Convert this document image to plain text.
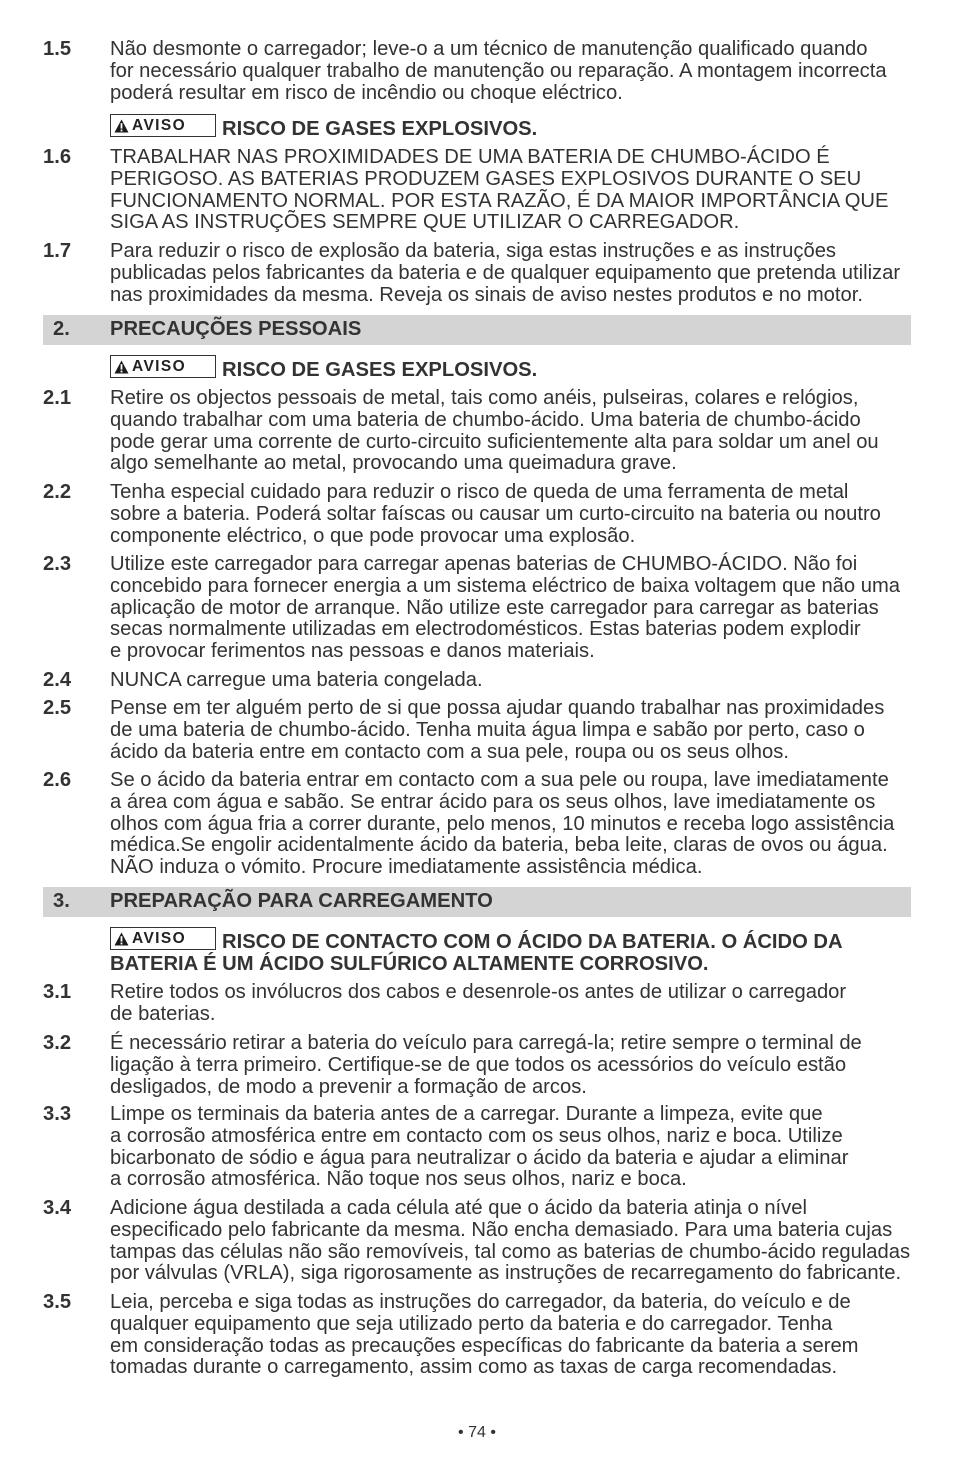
1.5 Não desmonte o carregador; leve-o a um técnico de manutenção qualificado quando
for necessário qualquer trabalho de manutenção ou reparação. A montagem incorrecta
poderá resultar em risco de incêndio ou choque eléctrico.
AVISO RISCO DE GASES EXPLOSIVOS.
1.6 TRABALHAR NAS PROXIMIDADES DE UMA BATERIA DE CHUMBO-ÁCIDO É
PERIGOSO. AS BATERIAS PRODUZEM GASES EXPLOSIVOS DURANTE O SEU
FUNCIONAMENTO NORMAL. POR ESTA RAZÃO, É DA MAIOR IMPORTÂNCIA QUE
SIGA AS INSTRUÇÕES SEMPRE QUE UTILIZAR O CARREGADOR.
1.7 Para reduzir o risco de explosão da bateria, siga estas instruções e as instruções
publicadas pelos fabricantes da bateria e de qualquer equipamento que pretenda utilizar
nas proximidades da mesma. Reveja os sinais de aviso nestes produtos e no motor.
2. PRECAUÇÕES PESSOAIS
AVISO RISCO DE GASES EXPLOSIVOS.
2.1 Retire os objectos pessoais de metal, tais como anéis, pulseiras, colares e relógios,
quando trabalhar com uma bateria de chumbo-ácido. Uma bateria de chumbo-ácido
pode gerar uma corrente de curto-circuito suficientemente alta para soldar um anel ou
algo semelhante ao metal, provocando uma queimadura grave.
2.2 Tenha especial cuidado para reduzir o risco de queda de uma ferramenta de metal
sobre a bateria. Poderá soltar faíscas ou causar um curto-circuito na bateria ou noutro
componente eléctrico, o que pode provocar uma explosão.
2.3 Utilize este carregador para carregar apenas baterias de CHUMBO-ÁCIDO. Não foi
concebido para fornecer energia a um sistema eléctrico de baixa voltagem que não uma
aplicação de motor de arranque. Não utilize este carregador para carregar as baterias
secas normalmente utilizadas em electrodomésticos. Estas baterias podem explodir
e provocar ferimentos nas pessoas e danos materiais.
2.4 NUNCA carregue uma bateria congelada.
2.5 Pense em ter alguém perto de si que possa ajudar quando trabalhar nas proximidades
de uma bateria de chumbo-ácido. Tenha muita água limpa e sabão por perto, caso o
ácido da bateria entre em contacto com a sua pele, roupa ou os seus olhos.
2.6 Se o ácido da bateria entrar em contacto com a sua pele ou roupa, lave imediatamente
a área com água e sabão. Se entrar ácido para os seus olhos, lave imediatamente os
olhos com água fria a correr durante, pelo menos, 10 minutos e receba logo assistência
médica.Se engolir acidentalmente ácido da bateria, beba leite, claras de ovos ou água.
NÃO induza o vómito. Procure imediatamente assistência médica.
3. PREPARAÇÃO PARA CARREGAMENTO
AVISO RISCO DE CONTACTO COM O ÁCIDO DA BATERIA. O ÁCIDO DA
BATERIA É UM ÁCIDO SULFÚRICO ALTAMENTE CORROSIVO.
3.1 Retire todos os invólucros dos cabos e desenrole-os antes de utilizar o carregador
de baterias.
3.2 É necessário retirar a bateria do veículo para carregá-la; retire sempre o terminal de
ligação à terra primeiro. Certifique-se de que todos os acessórios do veículo estão
desligados, de modo a prevenir a formação de arcos.
3.3 Limpe os terminais da bateria antes de a carregar. Durante a limpeza, evite que
a corrosão atmosférica entre em contacto com os seus olhos, nariz e boca. Utilize
bicarbonato de sódio e água para neutralizar o ácido da bateria e ajudar a eliminar
a corrosão atmosférica. Não toque nos seus olhos, nariz e boca.
3.4 Adicione água destilada a cada célula até que o ácido da bateria atinja o nível
especificado pelo fabricante da mesma. Não encha demasiado. Para uma bateria cujas
tampas das células não são removíveis, tal como as baterias de chumbo-ácido reguladas
por válvulas (VRLA), siga rigorosamente as instruções de recarregamento do fabricante.
3.5 Leia, perceba e siga todas as instruções do carregador, da bateria, do veículo e de
qualquer equipamento que seja utilizado perto da bateria e do carregador. Tenha
em consideração todas as precauções específicas do fabricante da bateria a serem
tomadas durante o carregamento, assim como as taxas de carga recomendadas.
• 74 •
